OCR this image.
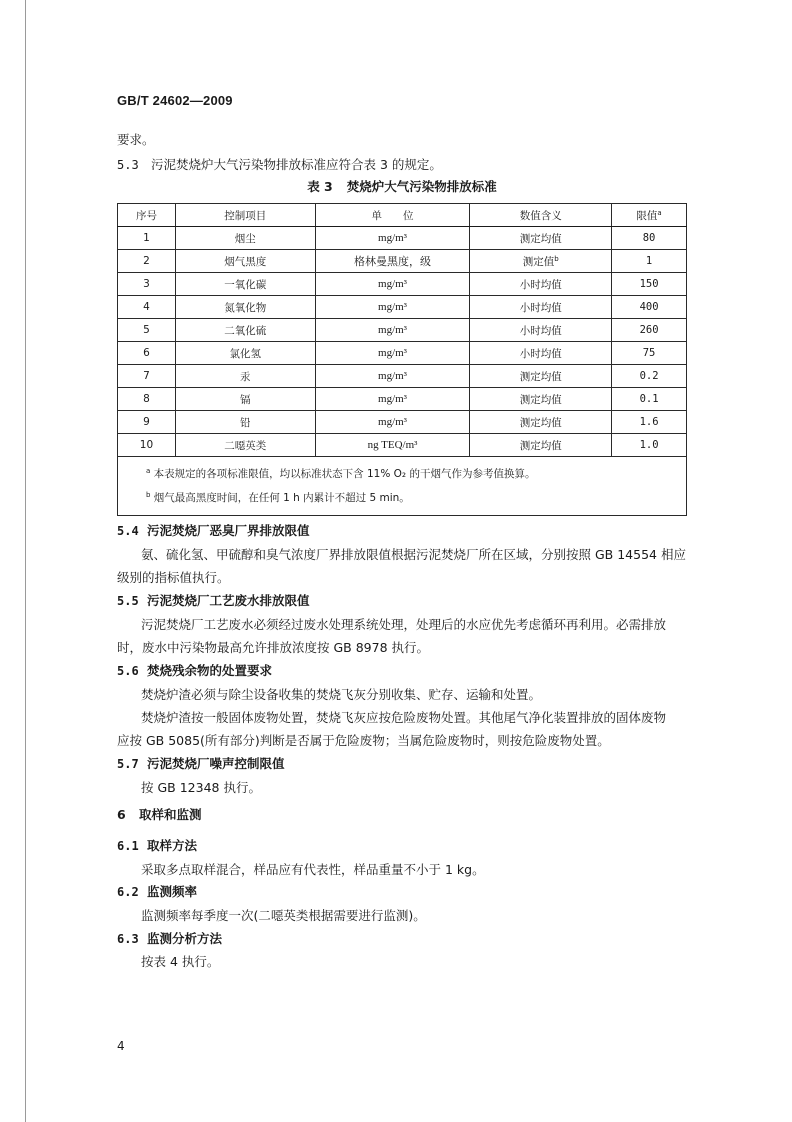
GB/T 24602—2009
要求。
5.3 污泥焚烧炉大气污染物排放标准应符合表 3 的规定。
表 3 焚烧炉大气污染物排放标准
序号	控制项目	单　　位	数值含义	限值$^a$
1	烟尘	mg/m³	测定均值	80
2	烟气黑度	格林曼黑度，级	测定值$^b$	1
3	一氧化碳	mg/m³	小时均值	150
4	氮氧化物	mg/m³	小时均值	400
5	二氧化硫	mg/m³	小时均值	260
6	氯化氢	mg/m³	小时均值	75
7	汞	mg/m³	测定均值	0.2
8	镉	mg/m³	测定均值	0.1
9	铅	mg/m³	测定均值	1.6
10	二噁英类	ng TEQ/m³	测定均值	1.0

$^a$ 本表规定的各项标准限值，均以标准状态下含 11% O₂ 的干烟气作为参考值换算。
$^b$ 烟气最高黑度时间，在任何 1 h 内累计不超过 5 min。				
5.4 污泥焚烧厂恶臭厂界排放限值
氨、硫化氢、甲硫醇和臭气浓度厂界排放限值根据污泥焚烧厂所在区域，分别按照 GB 14554 相应
级别的指标值执行。
5.5 污泥焚烧厂工艺废水排放限值
污泥焚烧厂工艺废水必须经过废水处理系统处理，处理后的水应优先考虑循环再利用。必需排放
时，废水中污染物最高允许排放浓度按 GB 8978 执行。
5.6 焚烧残余物的处置要求
焚烧炉渣必须与除尘设备收集的焚烧飞灰分别收集、贮存、运输和处置。
焚烧炉渣按一般固体废物处置，焚烧飞灰应按危险废物处置。其他尾气净化装置排放的固体废物
应按 GB 5085(所有部分)判断是否属于危险废物；当属危险废物时，则按危险废物处置。
5.7 污泥焚烧厂噪声控制限值
按 GB 12348 执行。
6 取样和监测
6.1 取样方法
采取多点取样混合，样品应有代表性，样品重量不小于 1 kg。
6.2 监测频率
监测频率每季度一次(二噁英类根据需要进行监测)。
6.3 监测分析方法
按表 4 执行。
4
